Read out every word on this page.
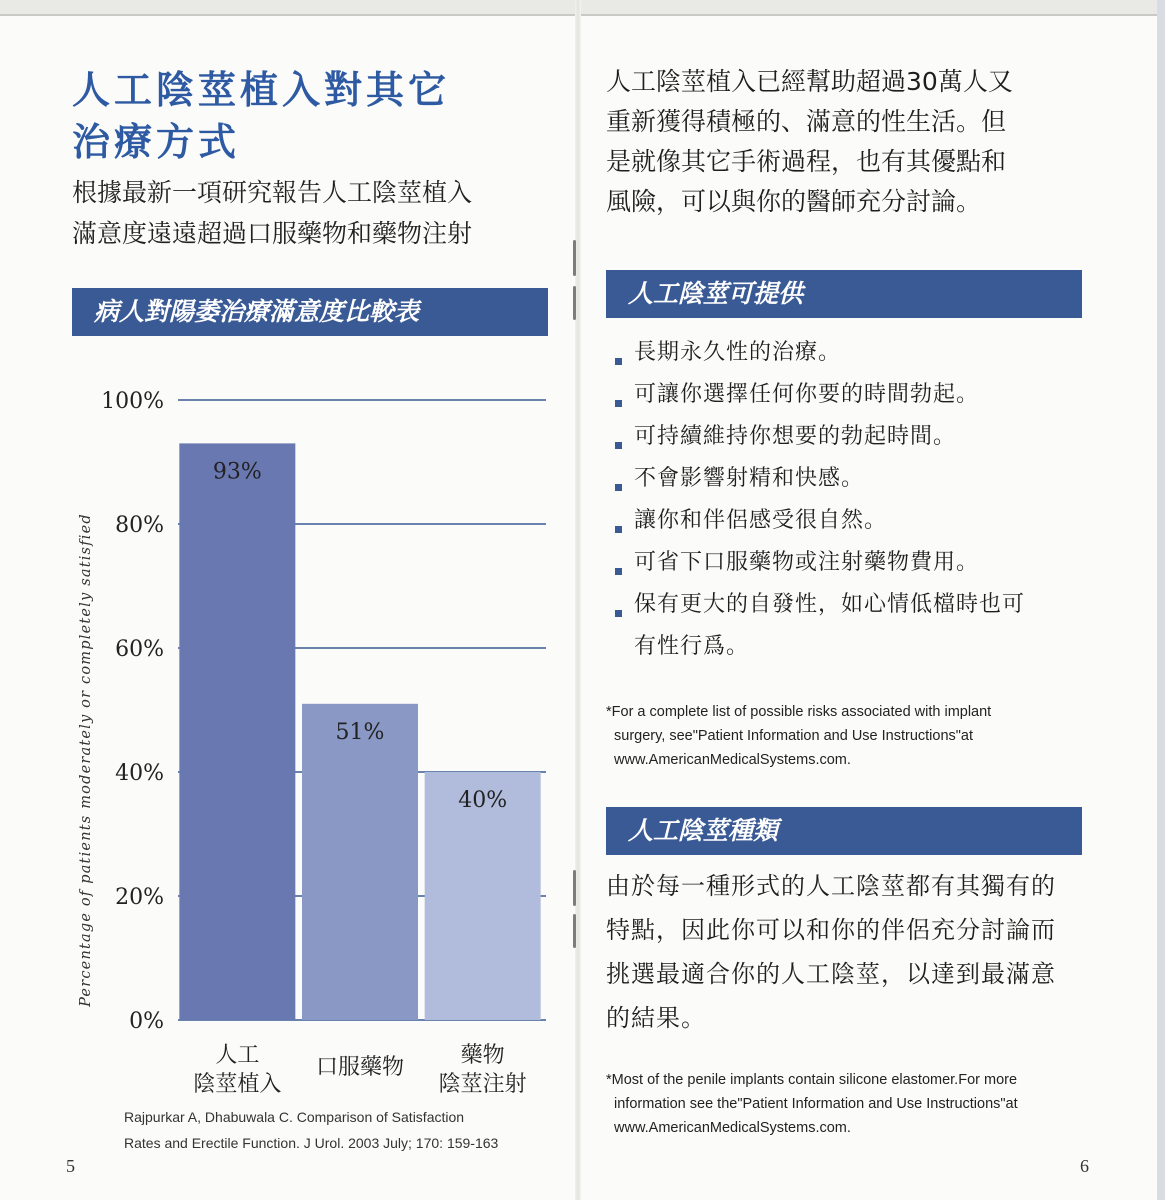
人工陰莖植入對其它
治療方式

根據最新一項研究報告人工陰莖植入
滿意度遠遠超過口服藥物和藥物注射

病人對陽萎治療滿意度比較表
Percentage of patients moderately or completely satisfied
0%
20%
40%
60%
80%
100%
93%
51%
40%
人工
陰莖植入
口服藥物	藥物
陰莖注射

Rajpurkar A, Dhabuwala C. Comparison of Satisfaction
Rates and Erectile Function. J Urol. 2003 July; 170: 159-163

5

人工陰莖植入已經幫助超過30萬人又
重新獲得積極的、滿意的性生活。但
是就像其它手術過程，也有其優點和
風險，可以與你的醫師充分討論。

人工陰莖可提供
長期永久性的治療。
可讓你選擇任何你要的時間勃起。
可持續維持你想要的勃起時間。
不會影響射精和快感。
讓你和伴侶感受很自然。
可省下口服藥物或注射藥物費用。
保有更大的自發性，如心情低檔時也可
有性行爲。

*For a complete list of possible risks associated with implant
surgery, see"Patient Information and Use Instructions"at
www.AmericanMedicalSystems.com.

人工陰莖種類

由於每一種形式的人工陰莖都有其獨有的
特點，因此你可以和你的伴侶充分討論而
挑選最適合你的人工陰莖，以達到最滿意
的結果。

*Most of the penile implants contain silicone elastomer.For more
information see the"Patient Information and Use Instructions"at
www.AmericanMedicalSystems.com.

6
